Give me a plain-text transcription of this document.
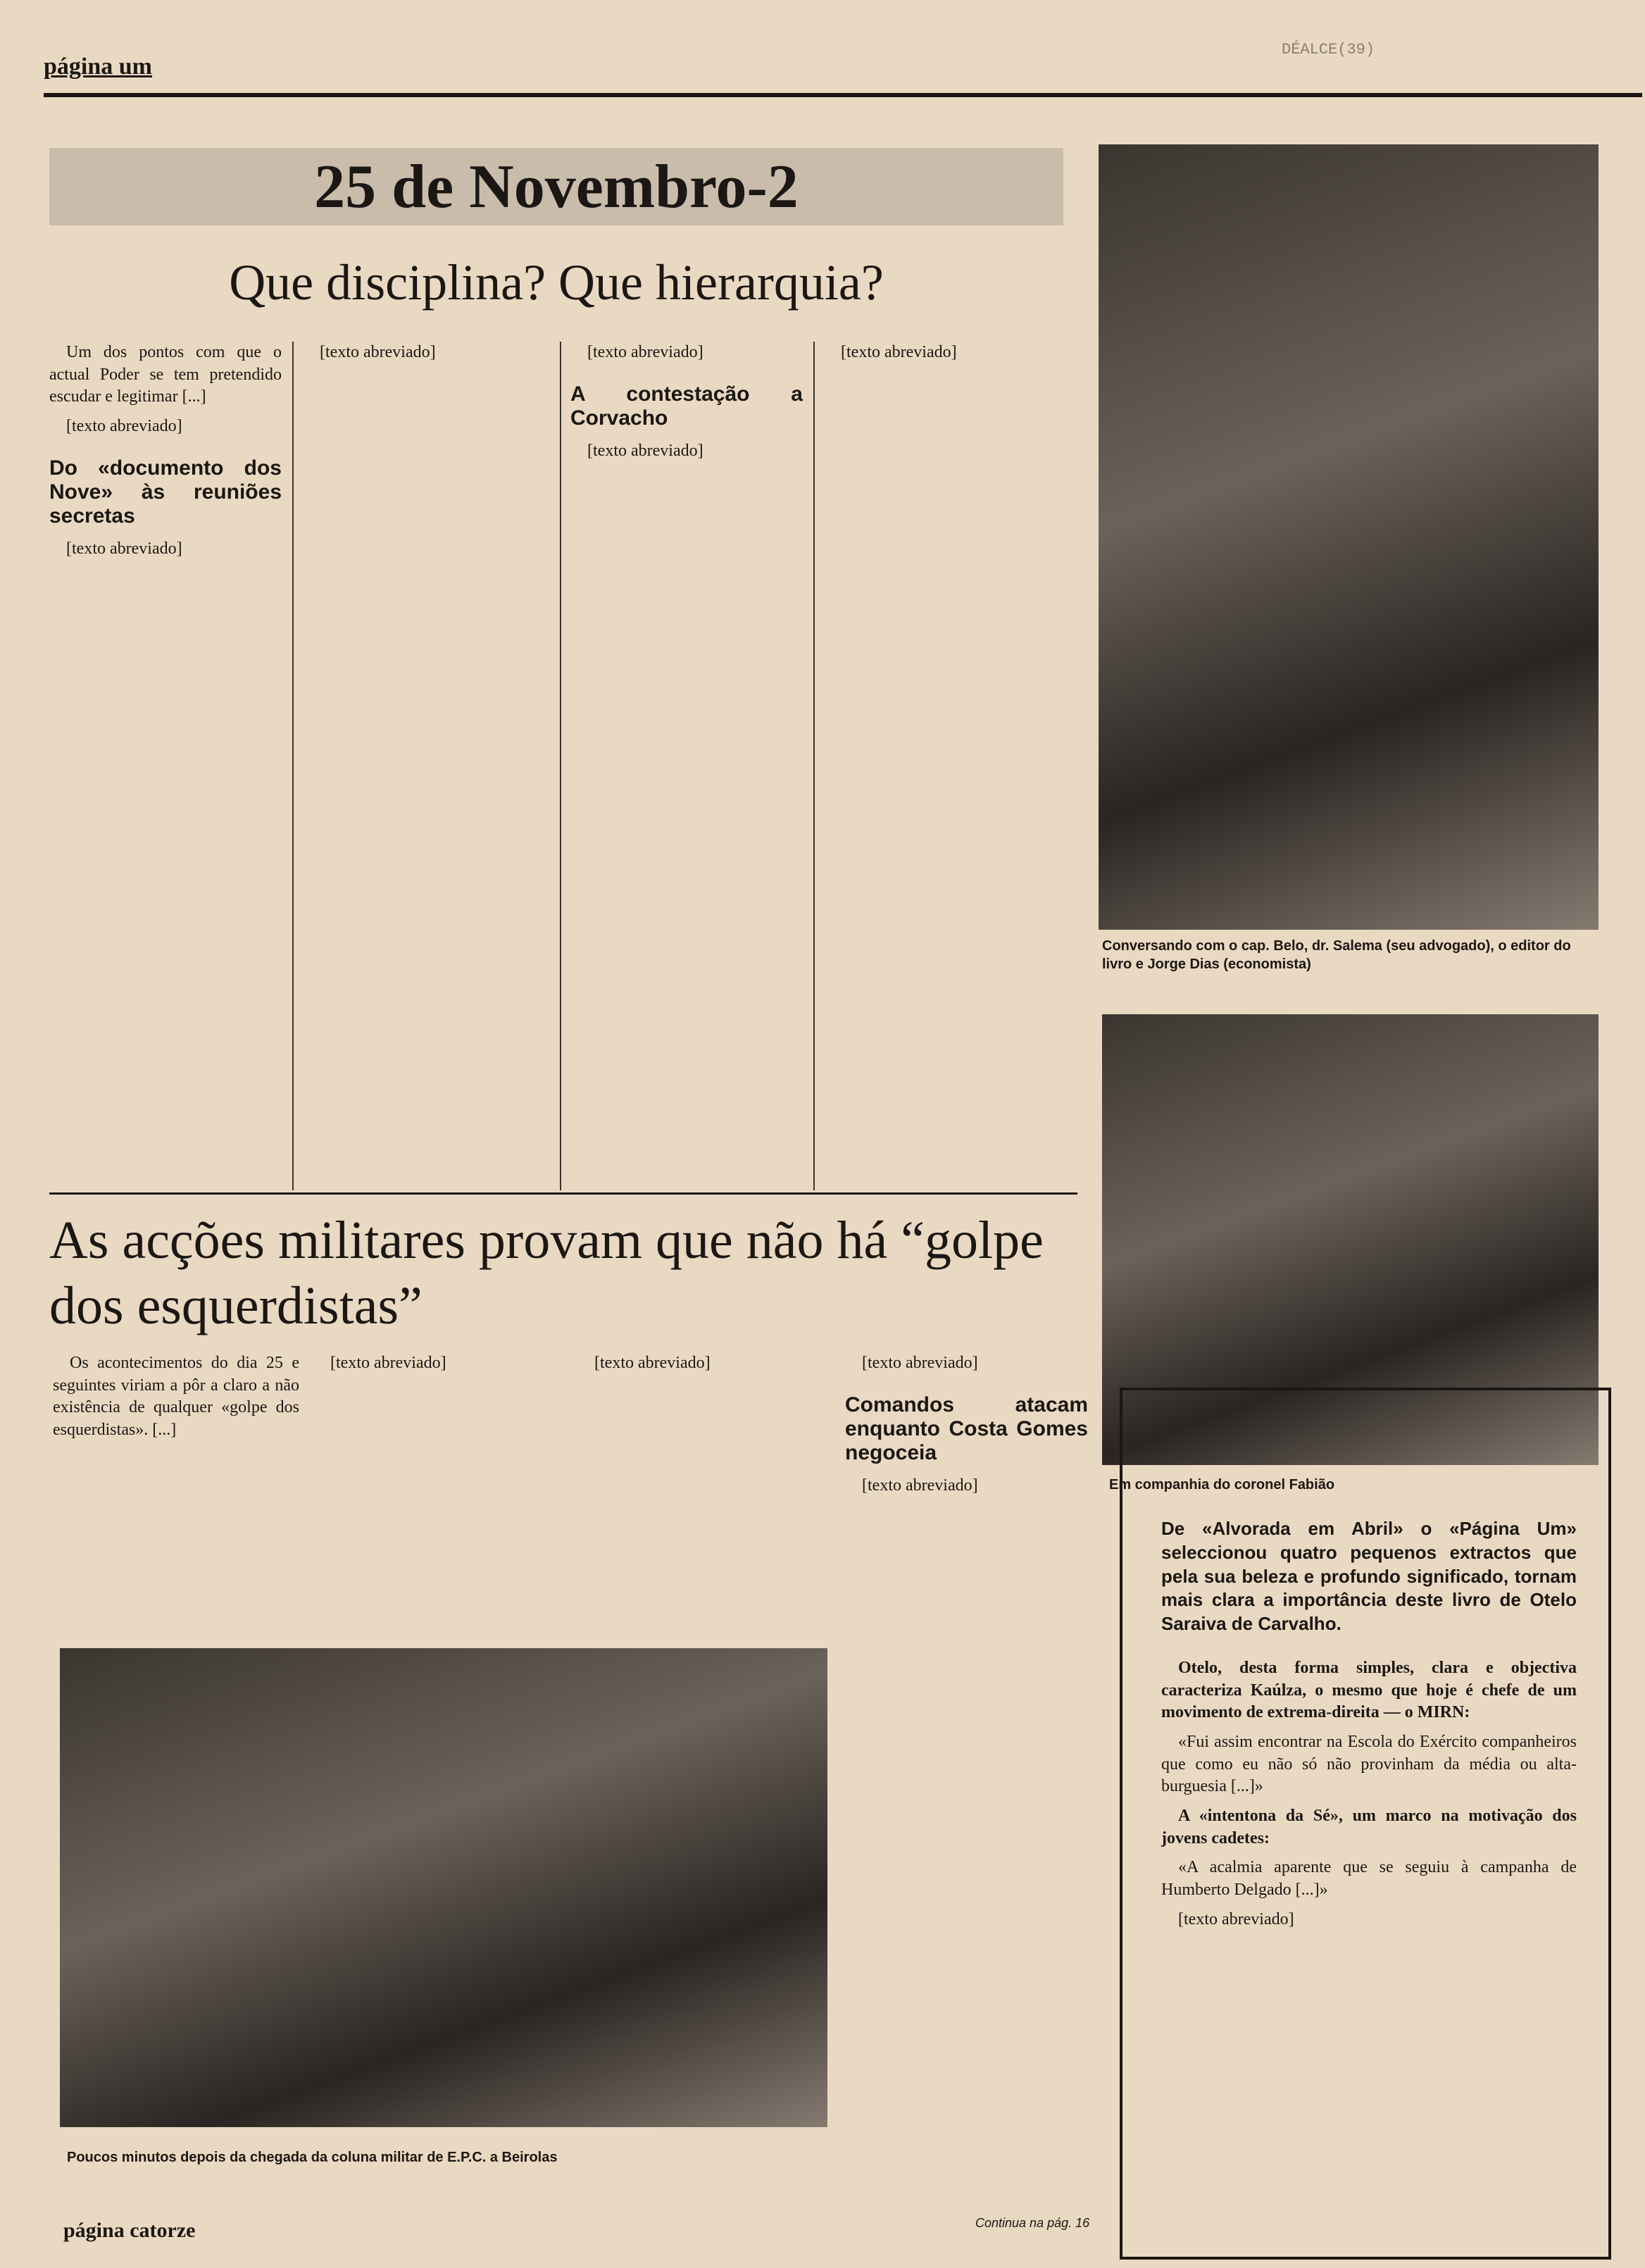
DÉALCE(39)
página um
25 de Novembro-2
Que disciplina? Que hierarquia?

Um dos pontos com que o actual Poder se tem pretendido escudar e legitimar [...]

[texto abreviado]

Do «documento dos Nove» às reuniões secretas

[texto abreviado]

[texto abreviado]	[texto abreviado]

A contestação a Corvacho

[texto abreviado]

[texto abreviado]

Conversando com o cap. Belo, dr. Salema (seu advogado), o editor do livro e Jorge Dias (economista)
Em companhia do coronel Fabião
As acções militares provam que não há “golpe dos esquerdistas”

Os acontecimentos do dia 25 e seguintes viriam a pôr a claro a não existência de qualquer «golpe dos esquerdistas». [...]

[texto abreviado]	[texto abreviado]	[texto abreviado]

Comandos atacam enquanto Costa Gomes negoceia

[texto abreviado]

Poucos minutos depois da chegada da coluna militar de E.P.C. a Beirolas
De «Alvorada em Abril» o «Página Um» seleccionou quatro pequenos extractos que pela sua beleza e profundo significado, tornam mais clara a importância deste livro de Otelo Saraiva de Carvalho.

Otelo, desta forma simples, clara e objectiva caracteriza Kaúlza, o mesmo que hoje é chefe de um movimento de extrema-direita — o MIRN:

«Fui assim encontrar na Escola do Exército companheiros que como eu não só não provinham da média ou alta-burguesia [...]»

A «intentona da Sé», um marco na motivação dos jovens cadetes:

«A acalmia aparente que se seguiu à campanha de Humberto Delgado [...]»

[texto abreviado]

Continua na pág. 16
página catorze
